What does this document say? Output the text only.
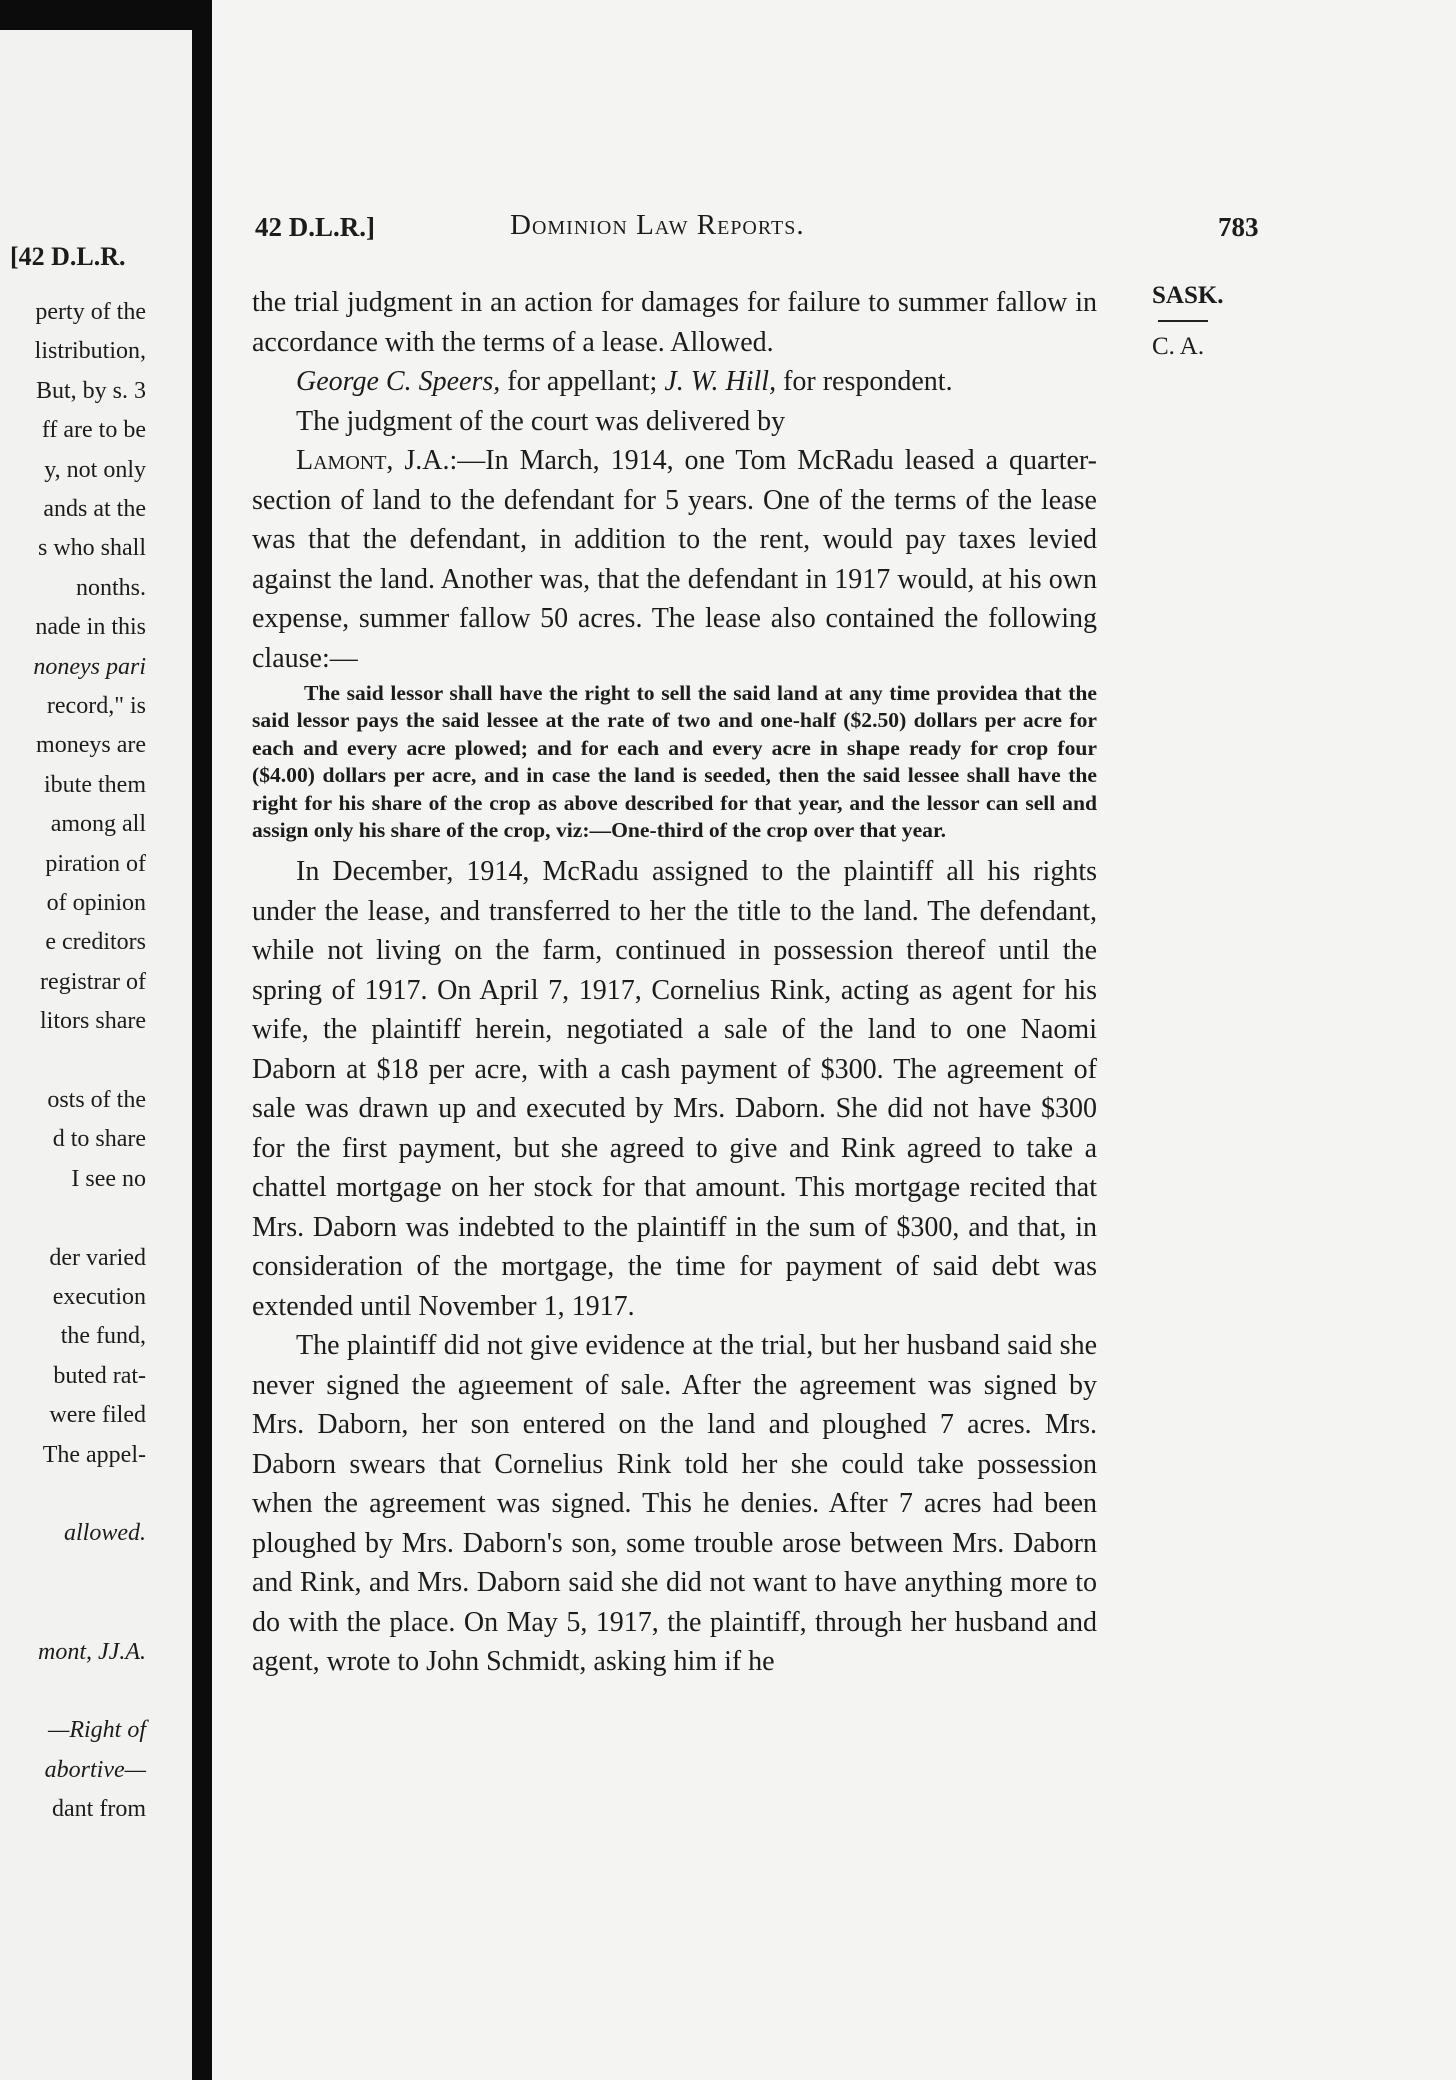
[42 D.L.R.
perty of the
listribution,
But, by s. 3
ff are to be
y, not only
ands at the
s who shall
nonths.
nade in this
noneys pari
record," is
moneys are
ibute them
among all
piration of
of opinion
e creditors
registrar of
litors share
osts of the
d to share
I see no
der varied
execution
the fund,
buted rat-
were filed
The appel-
allowed.
mont, JJ.A.
—Right of
abortive—
dant from
42 D.L.R.]	Dominion Law Reports.	783
SASK.
C. A.

the trial judgment in an action for damages for failure to summer fallow in accordance with the terms of a lease. Allowed.

George C. Speers, for appellant; J. W. Hill, for respondent.

The judgment of the court was delivered by

Lamont, J.A.:—In March, 1914, one Tom McRadu leased a quarter-section of land to the defendant for 5 years. One of the terms of the lease was that the defendant, in addition to the rent, would pay taxes levied against the land. Another was, that the defendant in 1917 would, at his own expense, summer fallow 50 acres. The lease also contained the following clause:—

The said lessor shall have the right to sell the said land at any time providea that the said lessor pays the said lessee at the rate of two and one-half ($2.50) dollars per acre for each and every acre plowed; and for each and every acre in shape ready for crop four ($4.00) dollars per acre, and in case the land is seeded, then the said lessee shall have the right for his share of the crop as above described for that year, and the lessor can sell and assign only his share of the crop, viz:—One-third of the crop over that year.

In December, 1914, McRadu assigned to the plaintiff all his rights under the lease, and transferred to her the title to the land. The defendant, while not living on the farm, continued in possession thereof until the spring of 1917. On April 7, 1917, Cornelius Rink, acting as agent for his wife, the plaintiff herein, negotiated a sale of the land to one Naomi Daborn at $18 per acre, with a cash payment of $300. The agreement of sale was drawn up and executed by Mrs. Daborn. She did not have $300 for the first payment, but she agreed to give and Rink agreed to take a chattel mortgage on her stock for that amount. This mortgage recited that Mrs. Daborn was indebted to the plaintiff in the sum of $300, and that, in consideration of the mortgage, the time for payment of said debt was extended until November 1, 1917.

The plaintiff did not give evidence at the trial, but her husband said she never signed the agıeement of sale. After the agreement was signed by Mrs. Daborn, her son entered on the land and ploughed 7 acres. Mrs. Daborn swears that Cornelius Rink told her she could take possession when the agreement was signed. This he denies. After 7 acres had been ploughed by Mrs. Daborn's son, some trouble arose between Mrs. Daborn and Rink, and Mrs. Daborn said she did not want to have anything more to do with the place. On May 5, 1917, the plaintiff, through her husband and agent, wrote to John Schmidt, asking him if he
